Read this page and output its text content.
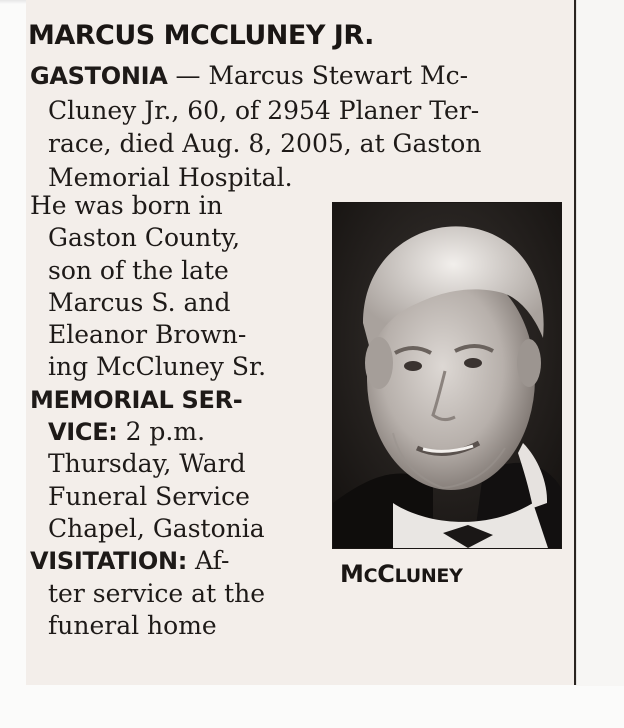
MARCUS MCCLUNEY JR.
GASTONIA — Marcus Stewart Mc-
Cluney Jr., 60, of 2954 Planer Ter-
race, died Aug. 8, 2005, at Gaston
Memorial Hospital.
He was born in
Gaston County,
son of the late
Marcus S. and
Eleanor Brown-
ing McCluney Sr.
MEMORIAL SER-
VICE: 2 p.m.
Thursday, Ward
Funeral Service
Chapel, Gastonia
VISITATION: Af-
ter service at the
funeral home
MCCLUNEY
